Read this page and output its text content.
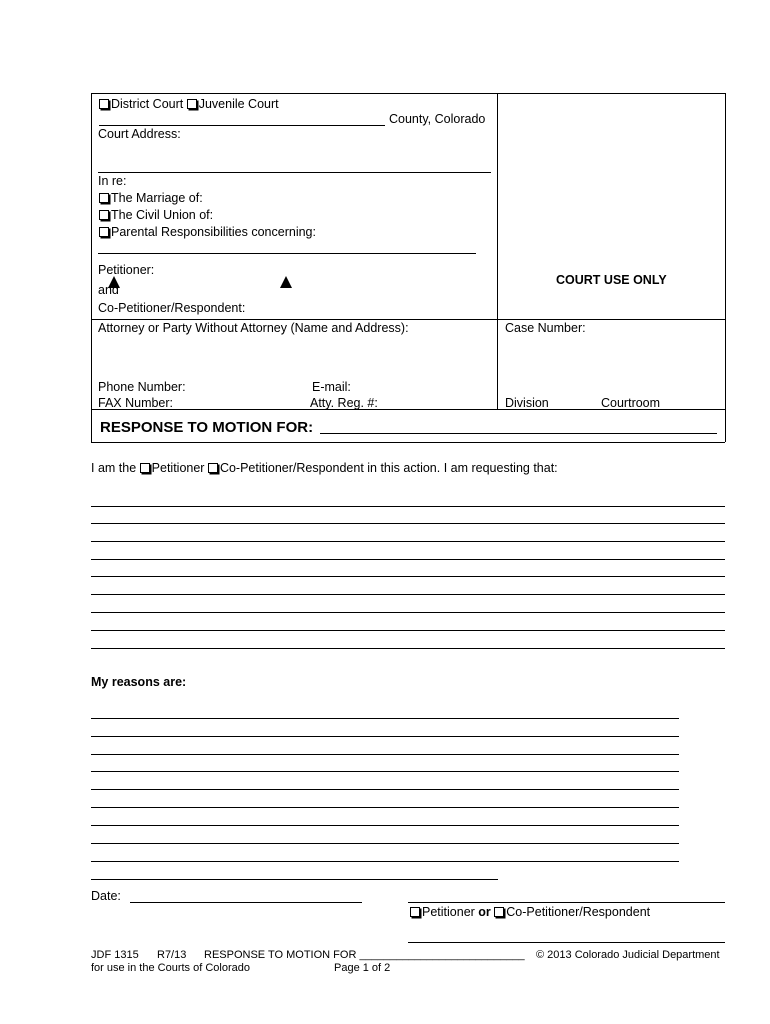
District Court Juvenile Court
County, Colorado
Court Address:
In re:
The Marriage of:
The Civil Union of:
Parental Responsibilities concerning:
Petitioner:
and
Co-Petitioner/Respondent:
COURT USE ONLY
Attorney or Party Without Attorney (Name and Address):	Case Number:
Phone Number:	E-mail:
FAX Number:	Atty. Reg. #:	Division	Courtroom
RESPONSE TO MOTION FOR:
I am the Petitioner Co-Petitioner/Respondent in this action. I am requesting that:
My reasons are:
Date:
Petitioner or Co-Petitioner/Respondent
JDF 1315 R7/13 RESPONSE TO MOTION FOR ___________________________ © 2013 Colorado Judicial Department
for use in the Courts of Colorado	Page 1 of 2
